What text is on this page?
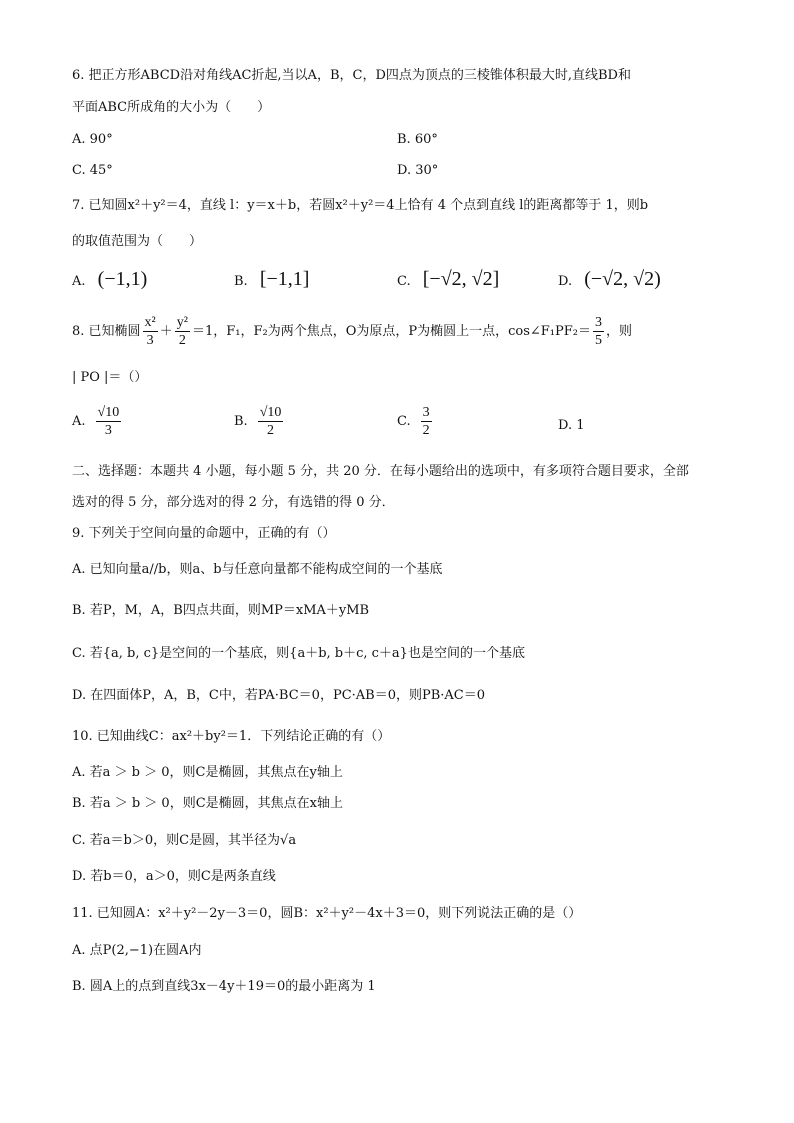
6. 把正方形ABCD沿对角线AC折起,当以A，B，C，D四点为顶点的三棱锥体积最大时,直线BD和
平面ABC所成角的大小为（　　）
A. 90°	B. 60°
C. 45°	D. 30°
7. 已知圆x²＋y²＝4，直线 l：y＝x＋b，若圆x²＋y²＝4上恰有 4 个点到直线 l的距离都等于 1，则b
的取值范围为（　　）
A. (−1,1)	B. [−1,1]	C. [−√2, √2]	D. (−√2, √2)
8. 已知椭圆 $\frac{\text{x²}}{3} + \frac{\text{y²}}{2} =1$，F₁，F₂为两个焦点，O为原点，P为椭圆上一点，cos∠F₁PF₂＝ $\frac{3}{5}$ ，则
| PO |＝（）
A. $\frac{√10}{3}$	B. $\frac{√10}{2}$	C. $\frac{3}{2}$	D. 1
二、选择题：本题共 4 小题，每小题 5 分，共 20 分．在每小题给出的选项中，有多项符合题目要求，全部
选对的得 5 分，部分选对的得 2 分，有选错的得 0 分．
9. 下列关于空间向量的命题中，正确的有（）
A. 已知向量a//b，则a、b与任意向量都不能构成空间的一个基底
B. 若P，M，A，B四点共面，则MP＝xMA＋yMB
C. 若{a, b, c}是空间的一个基底，则{a＋b, b＋c, c＋a}也是空间的一个基底
D. 在四面体P，A，B，C中，若PA·BC＝0，PC·AB＝0，则PB·AC＝0
10. 已知曲线C：ax²＋by²＝1．下列结论正确的有（）
A. 若a ＞ b ＞ 0，则C是椭圆，其焦点在y轴上
B. 若a ＞ b ＞ 0，则C是椭圆，其焦点在x轴上
C. 若a＝b＞0，则C是圆，其半径为√a
D. 若b＝0，a＞0，则C是两条直线
11. 已知圆A：x²＋y²－2y－3＝0，圆B：x²＋y²－4x＋3＝0，则下列说法正确的是（）
A. 点P(2,−1)在圆A内
B. 圆A上的点到直线3x－4y＋19＝0的最小距离为 1
